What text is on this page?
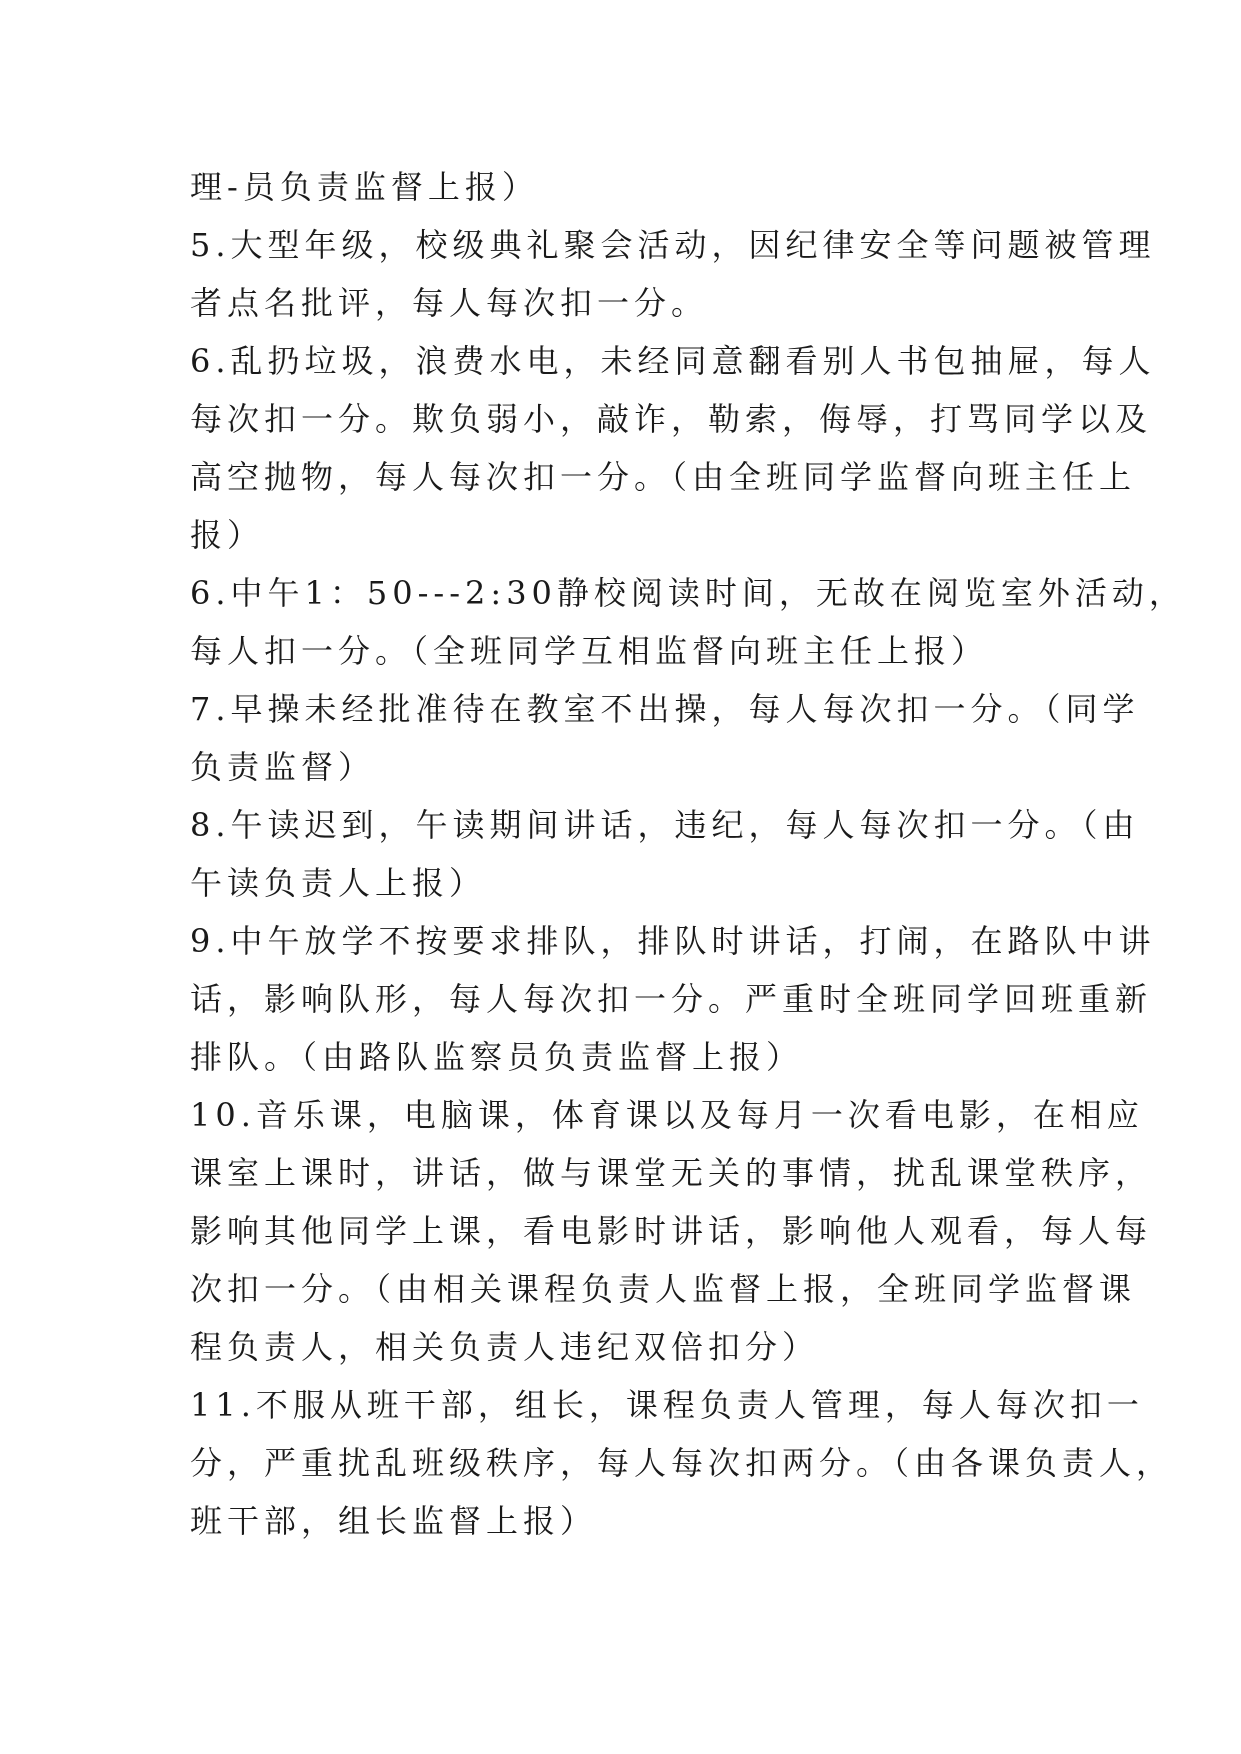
理-员负责监督上报）
5.大型年级，校级典礼聚会活动，因纪律安全等问题被管理
者点名批评，每人每次扣一分。
6.乱扔垃圾，浪费水电，未经同意翻看别人书包抽屉，每人
每次扣一分。欺负弱小，敲诈，勒索，侮辱，打骂同学以及
高空抛物，每人每次扣一分。（由全班同学监督向班主任上
报）
6.中午1：50---2:30静校阅读时间，无故在阅览室外活动，
每人扣一分。（全班同学互相监督向班主任上报）
7.早操未经批准待在教室不出操，每人每次扣一分。（同学
负责监督）
8.午读迟到，午读期间讲话，违纪，每人每次扣一分。（由
午读负责人上报）
9.中午放学不按要求排队，排队时讲话，打闹，在路队中讲
话，影响队形，每人每次扣一分。严重时全班同学回班重新
排队。（由路队监察员负责监督上报）
10.音乐课，电脑课，体育课以及每月一次看电影，在相应
课室上课时，讲话，做与课堂无关的事情，扰乱课堂秩序，
影响其他同学上课，看电影时讲话，影响他人观看，每人每
次扣一分。（由相关课程负责人监督上报，全班同学监督课
程负责人，相关负责人违纪双倍扣分）
11.不服从班干部，组长，课程负责人管理，每人每次扣一
分，严重扰乱班级秩序，每人每次扣两分。（由各课负责人，
班干部，组长监督上报）
